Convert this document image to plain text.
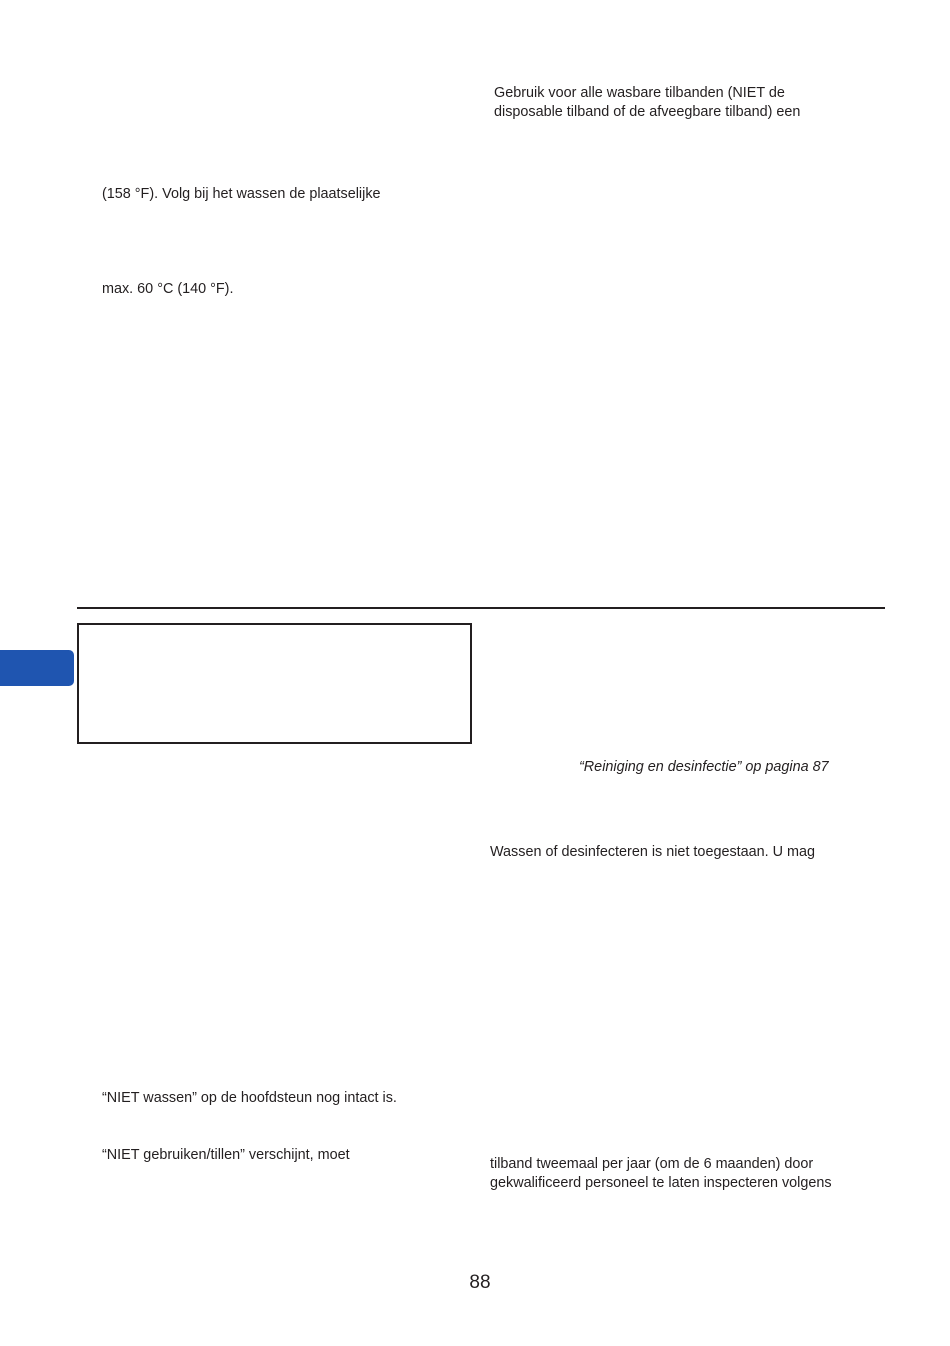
Gebruik voor alle wasbare tilbanden (NIET de

disposable tilband of de afveegbare tilband) een

(158 °F). Volg bij het wassen de plaatselijke

max. 60 °C (140 °F).

“Reiniging en desinfectie” op pagina 87

Wassen of desinfecteren is niet toegestaan. U mag

“NIET wassen” op de hoofdsteun nog intact is.

“NIET gebruiken/tillen” verschijnt, moet

tilband tweemaal per jaar (om de 6 maanden) door

gekwalificeerd personeel te laten inspecteren volgens

88
